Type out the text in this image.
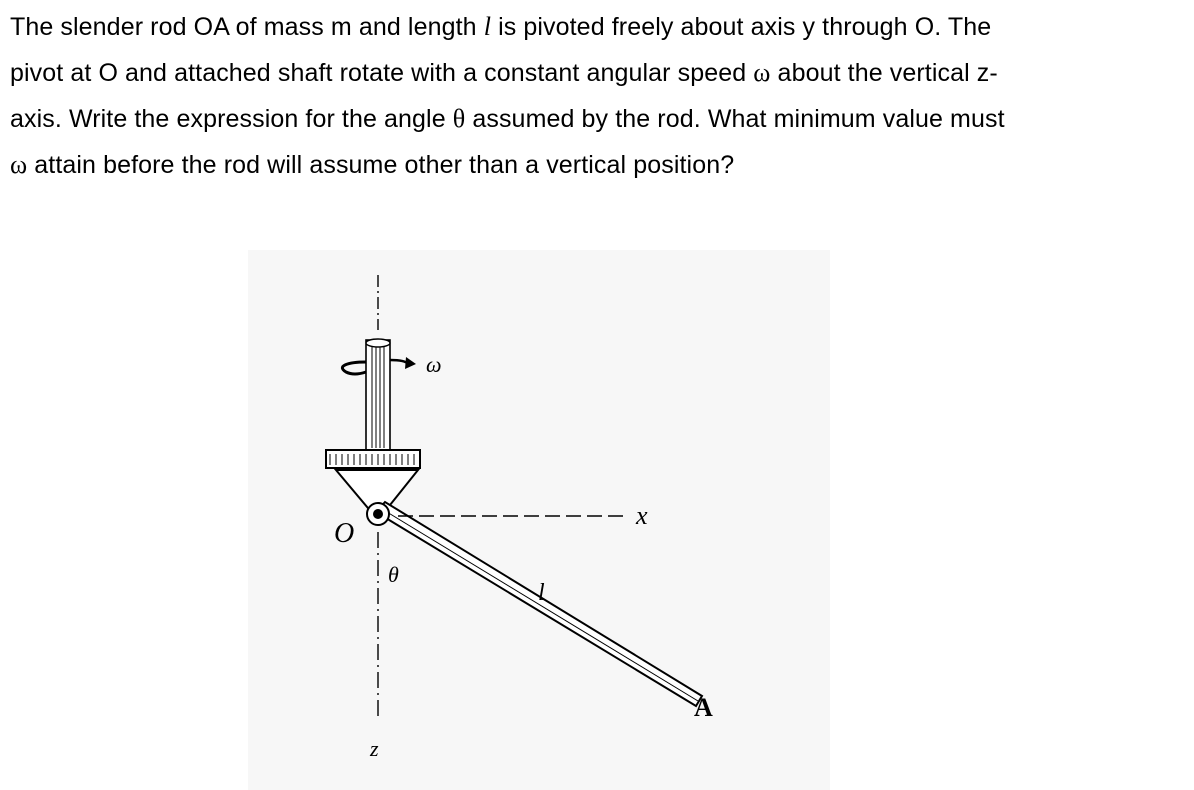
The slender rod OA of mass m and length l is pivoted freely about axis y through O. The
pivot at O and attached shaft rotate with a constant angular speed ω about the vertical z-
axis. Write the expression for the angle θ assumed by the rod. What minimum value must
ω attain before the rod will assume other than a vertical position?
ω
O
θ
x
l
A
z
